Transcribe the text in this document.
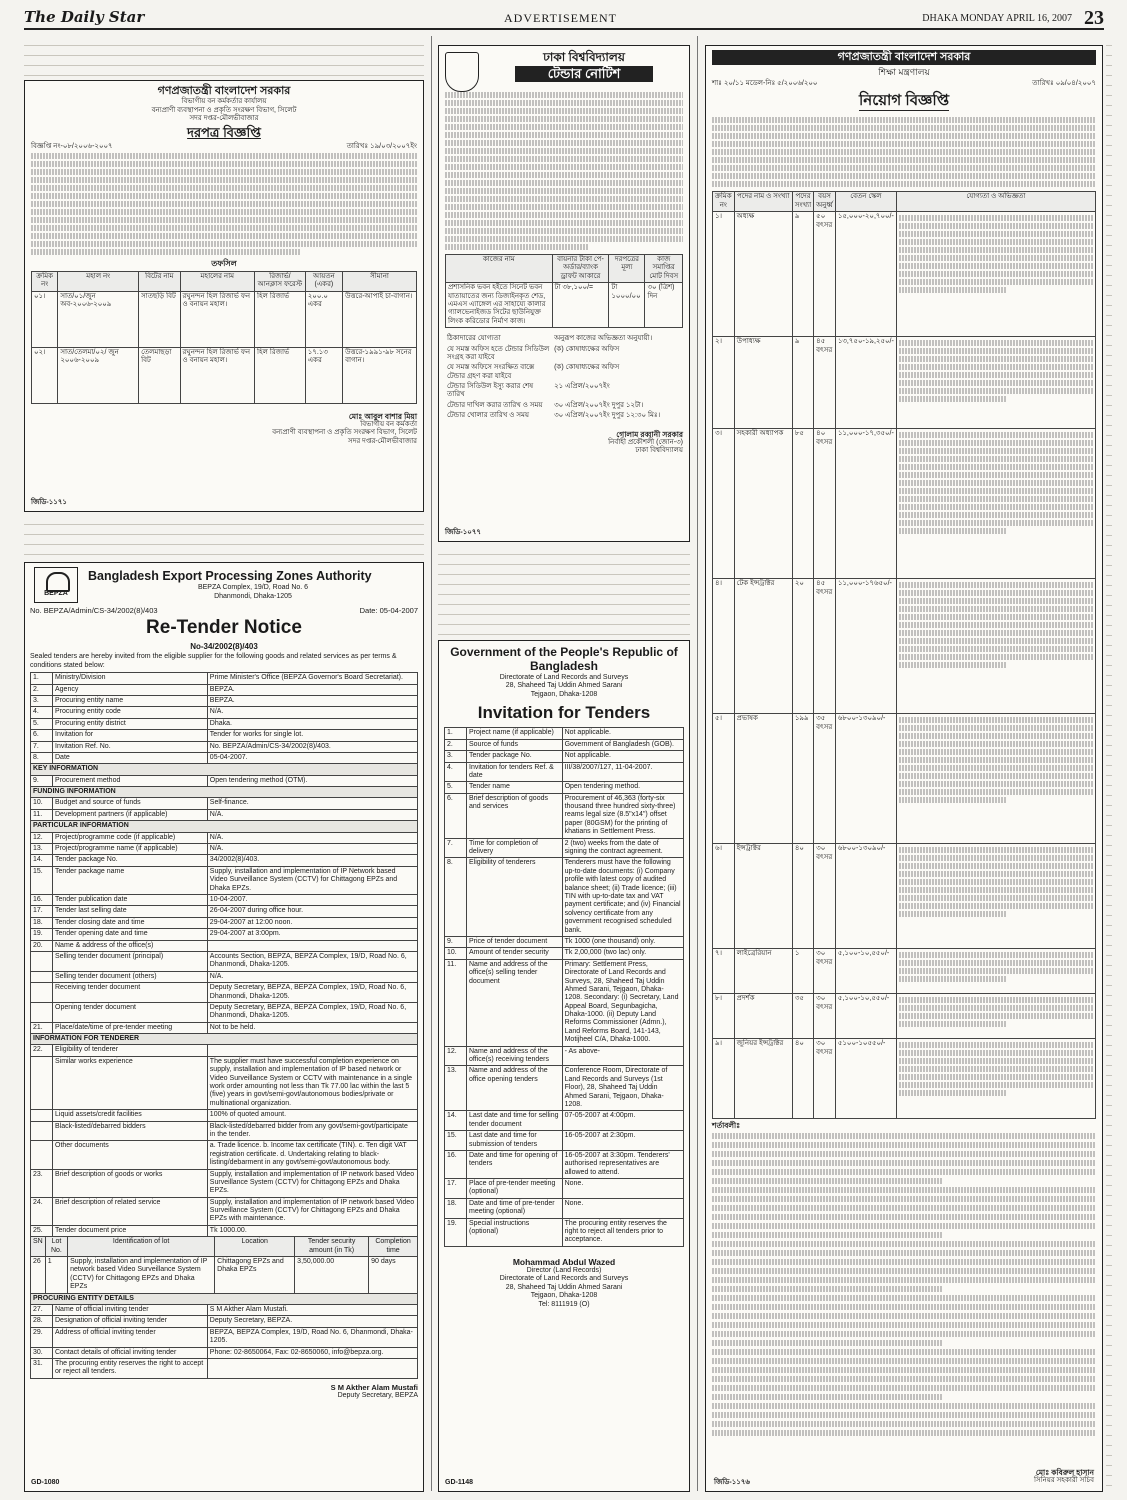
The Daily Star	ADVERTISEMENT	DHAKA MONDAY APRIL 16, 2007 23
গণপ্রজাতন্ত্রী বাংলাদেশ সরকার
বিভাগীয় বন কর্মকর্তার কার্যালয়
বন্যপ্রাণী ব্যবস্থাপনা ও প্রকৃতি সংরক্ষণ বিভাগ, সিলেট
সদর দপ্তর-মৌলভীবাজার
দরপত্র বিজ্ঞপ্তি
বিজ্ঞপ্তি নং-০৮/২০০৬-২০০৭	তারিখঃ ১৯/০৩/২০০৭ইং
তফসিল
ক্রমিক নং	মহাল নং	বিটের নাম	মহালের নাম	রিজার্ভ/আনক্লাস ফরেস্ট	আয়তন (একর)	সীমানা
০১।	সাত/০১/জুন অব-২০০৬-২০০৯	সাতছড়ি বিট	রঘুনন্দন হিল রিজার্ভ ফন ও বনায়ন মহাল।	হিল রিজার্ভ	২০০.০ একর	উত্তরে-আপাই চা-বাগান।
০২।	সাত/তেলমা/০২/ জুন ২০০৬-২০০৯	তেলমাছড়া বিট	রঘুনন্দন হিল রিজার্ভ ফন ও বনায়ন মহাল।	হিল রিজার্ভ	১৭.১৩ একর	উত্তরে-১৯৯১-৯৮ সনের বাগান।
মোঃ আবুল বাশার মিয়া
বিভাগীয় বন কর্মকর্তা
বন্যপ্রাণী ব্যবস্থাপনা ও প্রকৃতি সংরক্ষণ বিভাগ, সিলেট
সদর দপ্তর-মৌলভীবাজার
জিডি-১১৭১
BEPZA
Bangladesh Export Processing Zones Authority
BEPZA Complex, 19/D, Road No. 6
Dhanmondi, Dhaka-1205
No. BEPZA/Admin/CS-34/2002(8)/403	Date: 05-04-2007
Re-Tender Notice
No-34/2002(8)/403
Sealed tenders are hereby invited from the eligible supplier for the following goods and related services as per terms & conditions stated below:
1.	Ministry/Division	Prime Minister's Office (BEPZA Governor's Board Secretariat).
2.	Agency	BEPZA.
3.	Procuring entity name	BEPZA.
4.	Procuring entity code	N/A.
5.	Procuring entity district	Dhaka.
6.	Invitation for	Tender for works for single lot.
7.	Invitation Ref. No.	No. BEPZA/Admin/CS-34/2002(8)/403.
8.	Date	05-04-2007.
KEY INFORMATION		
9.	Procurement method	Open tendering method (OTM).
FUNDING INFORMATION		
10.	Budget and source of funds	Self-finance.
11.	Development partners (if applicable)	N/A.
PARTICULAR INFORMATION		
12.	Project/programme code (if applicable)	N/A.
13.	Project/programme name (if applicable)	N/A.
14.	Tender package No.	34/2002(8)/403.
15.	Tender package name	Supply, installation and implementation of IP Network based Video Surveillance System (CCTV) for Chittagong EPZs and Dhaka EPZs.
16.	Tender publication date	10-04-2007.
17.	Tender last selling date	26-04-2007 during office hour.
18.	Tender closing date and time	29-04-2007 at 12:00 noon.
19.	Tender opening date and time	29-04-2007 at 3:00pm.
20.	Name & address of the office(s)	
	Selling tender document (principal)	Accounts Section, BEPZA, BEPZA Complex, 19/D, Road No. 6, Dhanmondi, Dhaka-1205.
	Selling tender document (others)	N/A.
	Receiving tender document	Deputy Secretary, BEPZA, BEPZA Complex, 19/D, Road No. 6, Dhanmondi, Dhaka-1205.
	Opening tender document	Deputy Secretary, BEPZA, BEPZA Complex, 19/D, Road No. 6, Dhanmondi, Dhaka-1205.
21.	Place/date/time of pre-tender meeting	Not to be held.
INFORMATION FOR TENDERER		
22.	Eligibility of tenderer	
	Similar works experience	The supplier must have successful completion experience on supply, installation and implementation of IP based network or Video Surveillance System or CCTV with maintenance in a single work order amounting not less than Tk 77.00 lac within the last 5 (five) years in govt/semi-govt/autonomous bodies/private or multinational organization.
	Liquid assets/credit facilities	100% of quoted amount.
	Black-listed/debarred bidders	Black-listed/debarred bidder from any govt/semi-govt/participate in the tender.
	Other documents	a. Trade licence. b. Income tax certificate (TIN). c. Ten digit VAT registration certificate. d. Undertaking relating to black-listing/debarment in any govt/semi-govt/autonomous body.
23.	Brief description of goods or works	Supply, installation and implementation of IP network based Video Surveillance System (CCTV) for Chittagong EPZs and Dhaka EPZs.
24.	Brief description of related service	Supply, installation and implementation of IP network based Video Surveillance System (CCTV) for Chittagong EPZs and Dhaka EPZs with maintenance.
25.	Tender document price	Tk 1000.00.
SN	Lot No.	Identification of lot	Location	Tender security amount (in Tk)	Completion time
26	1	Supply, installation and implementation of IP network based Video Surveillance System (CCTV) for Chittagong EPZs and Dhaka EPZs	Chittagong EPZs and Dhaka EPZs	3,50,000.00	90 days
PROCURING ENTITY DETAILS		
27.	Name of official inviting tender	S M Akther Alam Mustafi.
28.	Designation of official inviting tender	Deputy Secretary, BEPZA.
29.	Address of official inviting tender	BEPZA, BEPZA Complex, 19/D, Road No. 6, Dhanmondi, Dhaka-1205.
30.	Contact details of official inviting tender	Phone: 02-8650064, Fax: 02-8650060, info@bepza.org.
31.	The procuring entity reserves the right to accept or reject all tenders.	
S M Akther Alam Mustafi
Deputy Secretary, BEPZA
GD-1080
ঢাকা বিশ্ববিদ্যালয়
টেন্ডার নোটিশ
কাজের নাম	বায়নার টাকা পে-অর্ডার/ব্যাংক ড্রাফট আকারে	দরপত্রের মূল্য	কাজ সমাপ্তির মোট দিবস
প্রশাসনিক ভবন হইতে সিনেট ভবন যাতায়াতের জন্য ডিজাইনকৃত শেড, এমএস এ্যাঙ্গেল এর সাহায্যে কালার গ্যালভেনাইজড সিটের ছাউনিযুক্ত লিংক করিডোর নির্মাণ কাজ।	টা ৩৮,১০০/=	টা ১০০০/০০	৩০ (ত্রিশ) দিন
ঠিকাদারের যোগ্যতা	অনুরূপ কাজের অভিজ্ঞতা অনুযায়ী।
যে সমস্ত অফিস হতে টেন্ডার সিডিউল সংগ্রহ করা যাইবে	(ক) কোষাধ্যক্ষের অফিস
যে সমস্ত অফিসে সংরক্ষিত বাক্সে টেন্ডার গ্রহণ করা যাইবে	(ক) কোষাধ্যক্ষের অফিস
টেন্ডার সিডিউল ইস্যু করার শেষ তারিখ	২১ এপ্রিল/২০০৭ইং
টেন্ডার দাখিল করার তারিখ ও সময়	৩০ এপ্রিল/২০০৭ইং দুপুর ১২টা।
টেন্ডার খোলার তারিখ ও সময়	৩০ এপ্রিল/২০০৭ইং দুপুর ১২:৩০ মিঃ।
গোলাম রব্বানী সরকার
নির্বাহী প্রকৌশলী (জোন-৩)
ঢাকা বিশ্ববিদ্যালয়
জিডি-১০৭৭
Government of the People's Republic of Bangladesh
Directorate of Land Records and Surveys
28, Shaheed Taj Uddin Ahmed Sarani
Tejgaon, Dhaka-1208
Invitation for Tenders
1.	Project name (if applicable)	Not applicable.
2.	Source of funds	Government of Bangladesh (GOB).
3.	Tender package No.	Not applicable.
4.	Invitation for tenders Ref. & date	III/38/2007/127, 11-04-2007.
5.	Tender name	Open tendering method.
6.	Brief description of goods and services	Procurement of 46,363 (forty-six thousand three hundred sixty-three) reams legal size (8.5"x14") offset paper (80GSM) for the printing of khatians in Settlement Press.
7.	Time for completion of delivery	2 (two) weeks from the date of signing the contract agreement.
8.	Eligibility of tenderers	Tenderers must have the following up-to-date documents: (i) Company profile with latest copy of audited balance sheet; (ii) Trade licence; (iii) TIN with up-to-date tax and VAT payment certificate; and (iv) Financial solvency certificate from any government recognised scheduled bank.
9.	Price of tender document	Tk 1000 (one thousand) only.
10.	Amount of tender security	Tk 2,00,000 (two lac) only.
11.	Name and address of the office(s) selling tender document	Primary: Settlement Press, Directorate of Land Records and Surveys, 28, Shaheed Taj Uddin Ahmed Sarani, Tejgaon, Dhaka-1208. Secondary: (i) Secretary, Land Appeal Board, Segunbagicha, Dhaka-1000. (ii) Deputy Land Reforms Commissioner (Admn.), Land Reforms Board, 141-143, Motijheel C/A, Dhaka-1000.
12.	Name and address of the office(s) receiving tenders	- As above-
13.	Name and address of the office opening tenders	Conference Room, Directorate of Land Records and Surveys (1st Floor), 28, Shaheed Taj Uddin Ahmed Sarani, Tejgaon, Dhaka-1208.
14.	Last date and time for selling tender document	07-05-2007 at 4:00pm.
15.	Last date and time for submission of tenders	16-05-2007 at 2:30pm.
16.	Date and time for opening of tenders	16-05-2007 at 3:30pm. Tenderers' authorised representatives are allowed to attend.
17.	Place of pre-tender meeting (optional)	None.
18.	Date and time of pre-tender meeting (optional)	None.
19.	Special instructions (optional)	The procuring entity reserves the right to reject all tenders prior to acceptance.
Mohammad Abdul Wazed
Director (Land Records)
Directorate of Land Records and Surveys
28, Shaheed Taj Uddin Ahmed Sarani
Tejgaon, Dhaka-1208
Tel: 8111919 (O)
GD-1148
গণপ্রজাতন্ত্রী বাংলাদেশ সরকার
শিক্ষা মন্ত্রণালয়
শাঃ ২০/১১ মডেল-নিঃ ৫/২০০৬/২০০	তারিখঃ ০৯/০৪/২০০৭
নিয়োগ বিজ্ঞপ্তি
ক্রমিক নং	পদের নাম ও সংখ্যা	পদের সংখ্যা	বয়স অনুর্ধ্ব	বেতন স্কেল	যোগ্যতা ও অভিজ্ঞতা
১।	অধ্যক্ষ	৯	৫০ বৎসর	১৫,০০০-২০,৭০০/-	

২।	উপাধ্যক্ষ	৯	৪৫ বৎসর	১৩,৭৫০-১৯,২৫০/-	

৩।	সহকারী অধ্যাপক	৮৫	৪০ বৎসর	১১,০০০-১৭,৩৫০/-	

৪।	টেক ইন্সট্রাক্টর	২০	৪৫ বৎসর	১১,০০০-১৭৬৫০/-	

৫।	প্রভাষক	১৯৯	৩৫ বৎসর	৬৮০০-১৩০৯০/-	

৬।	ইন্সট্রাক্টর	৪০	৩০ বৎসর	৬৮০০-১৩০৯০/-	

৭।	লাইব্রেরিয়ান	১	৩০ বৎসর	৫,১০০-১০,৫৫০/-	

৮।	প্রদর্শক	৩৫	৩০ বৎসর	৫,১০০-১০,৫৫০/-	

৯।	জুনিয়র ইন্সট্রাক্টর	৪০	৩০ বৎসর	৫১০০-১০৫৫০/-	
শর্তাবলীঃ
মোঃ কবিরুল হাসান
সিনিয়র সহকারী সচিব
জিডি-১১৭৬
